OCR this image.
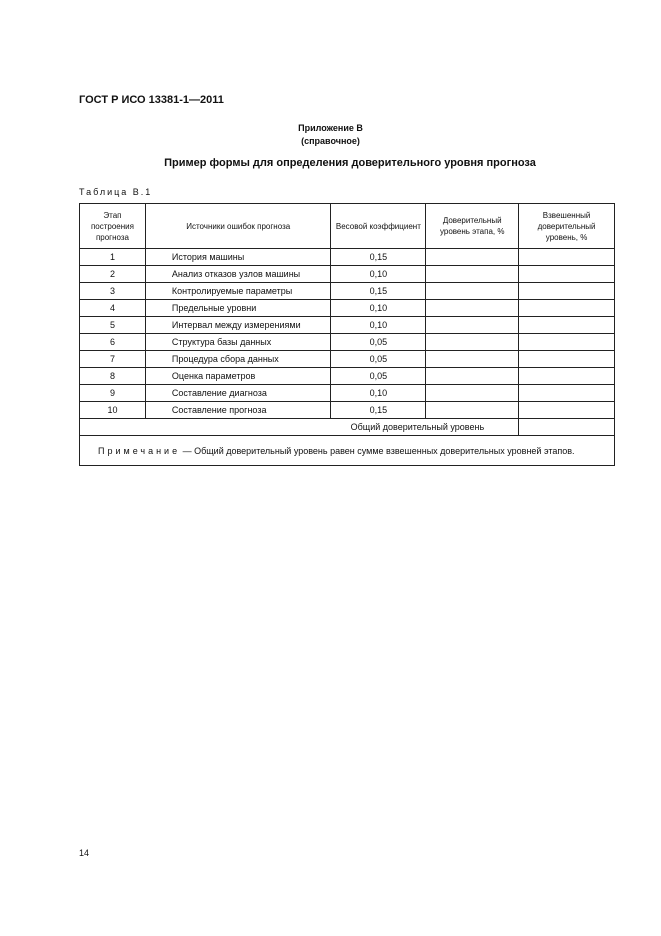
ГОСТ Р ИСО 13381-1—2011
Приложение В
(справочное)
Пример формы для определения доверительного уровня прогноза
Таблица В.1
Этап построения прогноза	Источники ошибок прогноза	Весовой коэффициент	Доверительный уровень этапа, %	Взвешенный доверительный уровень, %
1	История машины	0,15		
2	Анализ отказов узлов машины	0,10		
3	Контролируемые параметры	0,15		
4	Предельные уровни	0,10		
5	Интервал между измерениями	0,10		
6	Структура базы данных	0,05		
7	Процедура сбора данных	0,05		
8	Оценка параметров	0,05		
9	Составление диагноза	0,10		
10	Составление прогноза	0,15		
Общий доверительный уровень				
Примечание — Общий доверительный уровень равен сумме взвешенных доверительных уровней этапов.				
14
